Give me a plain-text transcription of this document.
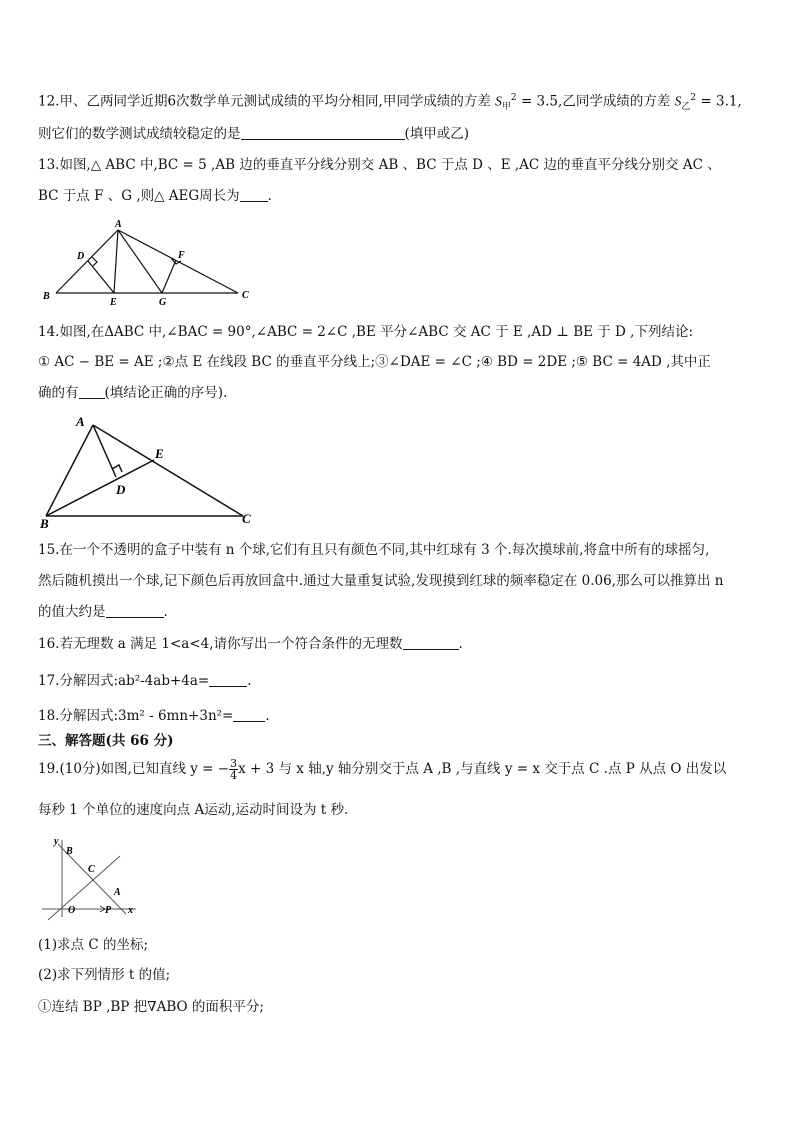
12.甲、乙两同学近期6次数学单元测试成绩的平均分相同,甲同学成绩的方差 $S_甲^2 = 3.5$,乙同学成绩的方差 $S_乙^2 = 3.1$,
则它们的数学测试成绩较稳定的是	(填甲或乙)
13.如图,△ ABC 中,BC = 5 ,AB 边的垂直平分线分别交 AB 、BC 于点 D 、E ,AC 边的垂直平分线分别交 AC 、
BC 于点 F 、G ,则△ AEG周长为 .
A
D	F
B
E	G
C
14.如图,在ΔABC 中,∠BAC = 90°,∠ABC = 2∠C ,BE 平分∠ABC 交 AC 于 E ,AD ⊥ BE 于 D ,下列结论:
① AC − BE = AE ;②点 E 在线段 BC 的垂直平分线上;③∠DAE = ∠C ;④ BD = 2DE ;⑤ BC = 4AD ,其中正
确的有 (填结论正确的序号).
A
E
D
B	C
15.在一个不透明的盒子中装有 n 个球,它们有且只有颜色不同,其中红球有 3 个.每次摸球前,将盒中所有的球摇匀,
然后随机摸出一个球,记下颜色后再放回盒中.通过大量重复试验,发现摸到红球的频率稳定在 0.06,那么可以推算出 n
的值大约是	.
16.若无理数 a 满足 1<a<4,请你写出一个符合条件的无理数	.
17.分解因式:ab²-4ab+4a=	.
18.分解因式:3m² - 6mn+3n²= .
三、解答题(共 66 分)
19.(10分)如图,已知直线 y = − $\frac{3}{4}$ x + 3 与 x 轴,y 轴分别交于点 A ,B ,与直线 y = x 交于点 C .点 P 从点 O 出发以
每秒 1 个单位的速度向点 A运动,运动时间设为 t 秒.
y
B
C
A
O	P x
(1)求点 C 的坐标;
(2)求下列情形 t 的值;
①连结 BP ,BP 把∇ABO 的面积平分;
